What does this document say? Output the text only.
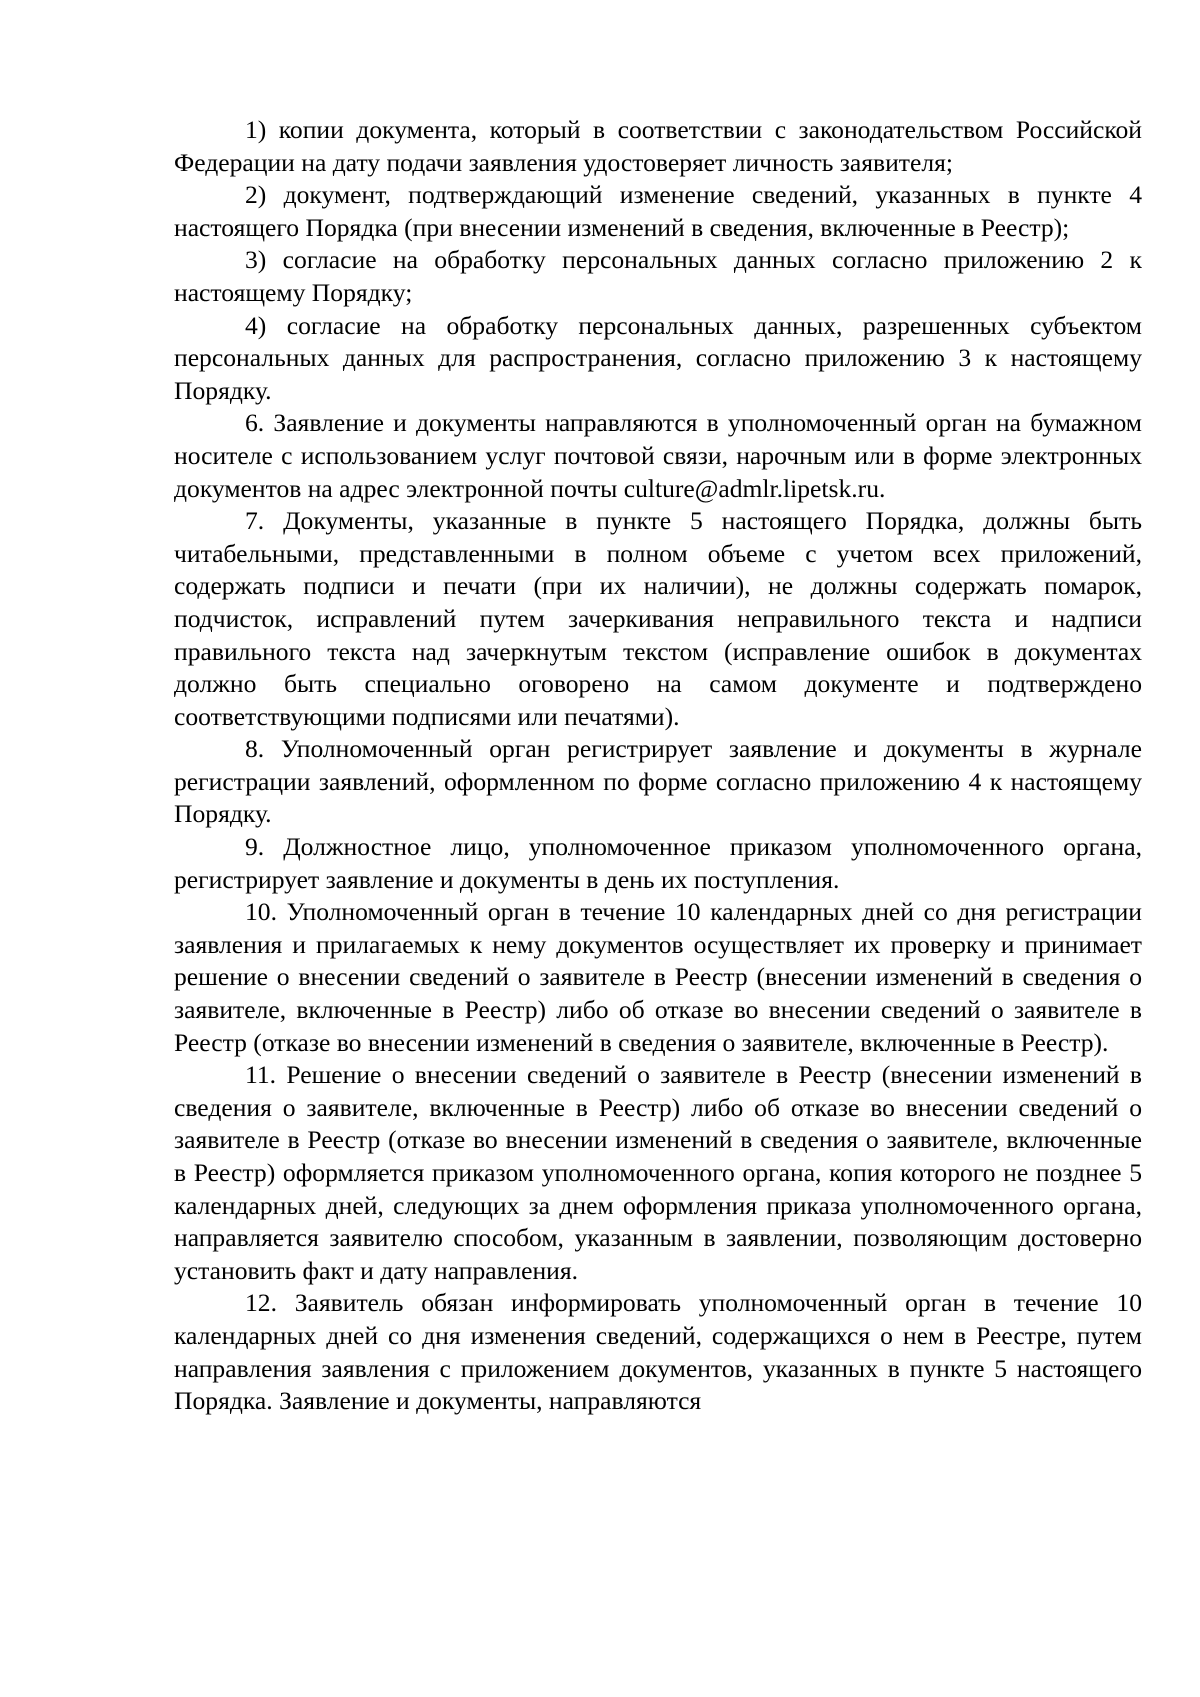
1) копии документа, который в соответствии с законодательством Российской Федерации на дату подачи заявления удостоверяет личность заявителя;

2) документ, подтверждающий изменение сведений, указанных в пункте 4 настоящего Порядка (при внесении изменений в сведения, включенные в Реестр);

3) согласие на обработку персональных данных согласно приложению 2 к настоящему Порядку;

4) согласие на обработку персональных данных, разрешенных субъектом персональных данных для распространения, согласно приложению 3 к настоящему Порядку.

6. Заявление и документы направляются в уполномоченный орган на бумажном носителе с использованием услуг почтовой связи, нарочным или в форме электронных документов на адрес электронной почты culture@admlr.lipetsk.ru.

7. Документы, указанные в пункте 5 настоящего Порядка, должны быть читабельными, представленными в полном объеме с учетом всех приложений, содержать подписи и печати (при их наличии), не должны содержать помарок, подчисток, исправлений путем зачеркивания неправильного текста и надписи правильного текста над зачеркнутым текстом (исправление ошибок в документах должно быть специально оговорено на самом документе и подтверждено соответствующими подписями или печатями).

8. Уполномоченный орган регистрирует заявление и документы в журнале регистрации заявлений, оформленном по форме согласно приложению 4 к настоящему Порядку.

9. Должностное лицо, уполномоченное приказом уполномоченного органа, регистрирует заявление и документы в день их поступления.

10. Уполномоченный орган в течение 10 календарных дней со дня регистрации заявления и прилагаемых к нему документов осуществляет их проверку и принимает решение о внесении сведений о заявителе в Реестр (внесении изменений в сведения о заявителе, включенные в Реестр) либо об отказе во внесении сведений о заявителе в Реестр (отказе во внесении изменений в сведения о заявителе, включенные в Реестр).

11. Решение о внесении сведений о заявителе в Реестр (внесении изменений в сведения о заявителе, включенные в Реестр) либо об отказе во внесении сведений о заявителе в Реестр (отказе во внесении изменений в сведения о заявителе, включенные в Реестр) оформляется приказом уполномоченного органа, копия которого не позднее 5 календарных дней, следующих за днем оформления приказа уполномоченного органа, направляется заявителю способом, указанным в заявлении, позволяющим достоверно установить факт и дату направления.

12. Заявитель обязан информировать уполномоченный орган в течение 10 календарных дней со дня изменения сведений, содержащихся о нем в Реестре, путем направления заявления с приложением документов, указанных в пункте 5 настоящего Порядка. Заявление и документы, направляются
